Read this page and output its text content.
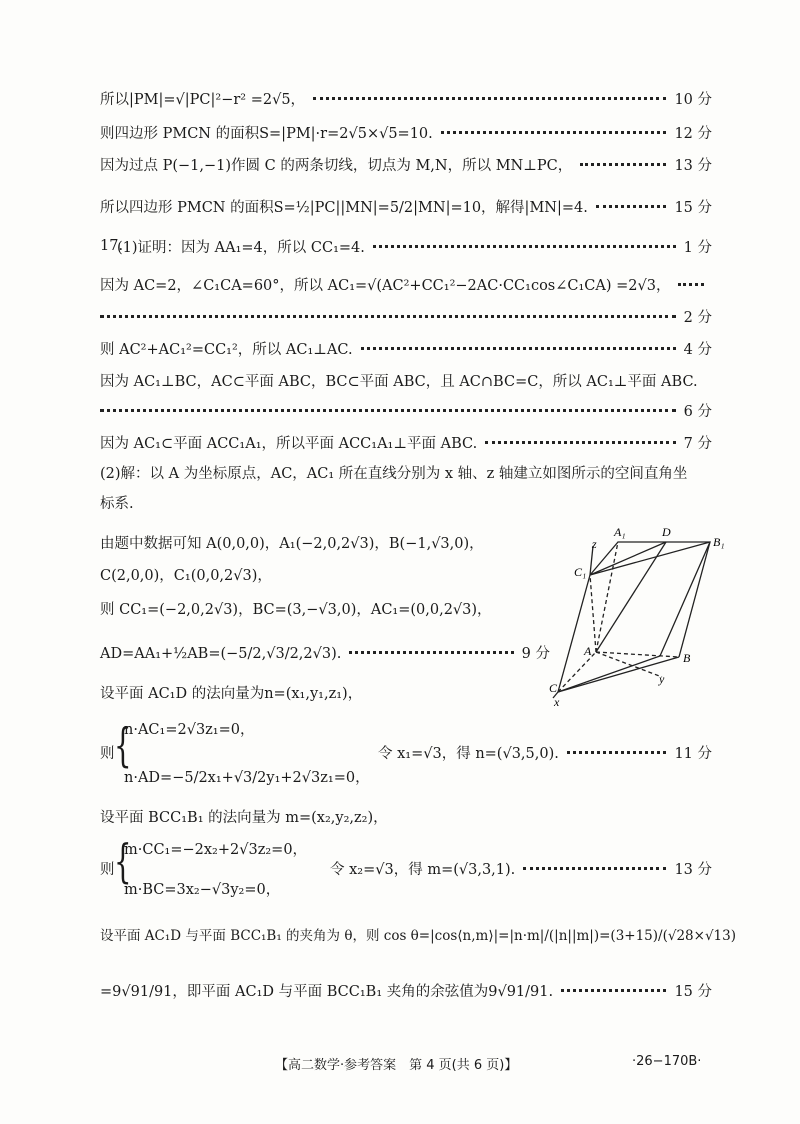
所以|PM|=√|PC|²−r² =2√5，	10 分
则四边形 PMCN 的面积S=|PM|·r=2√5×√5=10.	12 分
因为过点 P(−1,−1)作圆 C 的两条切线，切点为 M,N，所以 MN⊥PC，	13 分
所以四边形 PMCN 的面积S=½|PC||MN|=5/2|MN|=10，解得|MN|=4.	15 分
17.
(1)证明：因为 AA₁=4，所以 CC₁=4.	1 分
因为 AC=2，∠C₁CA=60°，所以 AC₁=√(AC²+CC₁²−2AC·CC₁cos∠C₁CA) =2√3，
2 分
则 AC²+AC₁²=CC₁²，所以 AC₁⊥AC.	4 分
因为 AC₁⊥BC，AC⊂平面 ABC，BC⊂平面 ABC，且 AC∩BC=C，所以 AC₁⊥平面 ABC.
6 分
因为 AC₁⊂平面 ACC₁A₁，所以平面 ACC₁A₁⊥平面 ABC.	7 分
(2)解：以 A 为坐标原点，AC，AC₁ 所在直线分别为 x 轴、z 轴建立如图所示的空间直角坐
标系.
由题中数据可知 A(0,0,0)，A₁(−2,0,2√3)，B(−1,√3,0)，
C(2,0,0)，C₁(0,0,2√3)，
则 CC₁=(−2,0,2√3)，BC=(3,−√3,0)，AC₁=(0,0,2√3)，
AD=AA₁+½AB=(−5/2,√3/2,2√3).	9 分
设平面 AC₁D 的法向量为n=(x₁,y₁,z₁)，
{
n·AC₁=2√3z₁=0，
则	令 x₁=√3，得 n=(√3,5,0).	11 分
n·AD=−5/2x₁+√3/2y₁+2√3z₁=0，
设平面 BCC₁B₁ 的法向量为 m=(x₂,y₂,z₂)，
{
m·CC₁=−2x₂+2√3z₂=0，
则	令 x₂=√3，得 m=(√3,3,1).	13 分
m·BC=3x₂−√3y₂=0，
设平面 AC₁D 与平面 BCC₁B₁ 的夹角为 θ，则 cos θ=|cos⟨n,m⟩|=|n·m|/(|n||m|)=(3+15)/(√28×√13)
=9√91/91，即平面 AC₁D 与平面 BCC₁B₁ 夹角的余弦值为9√91/91.	15 分
A₁	D
B₁
z
C₁
A	B
y
C
x
【高二数学·参考答案　第 4 页(共 6 页)】	·26−170B·
